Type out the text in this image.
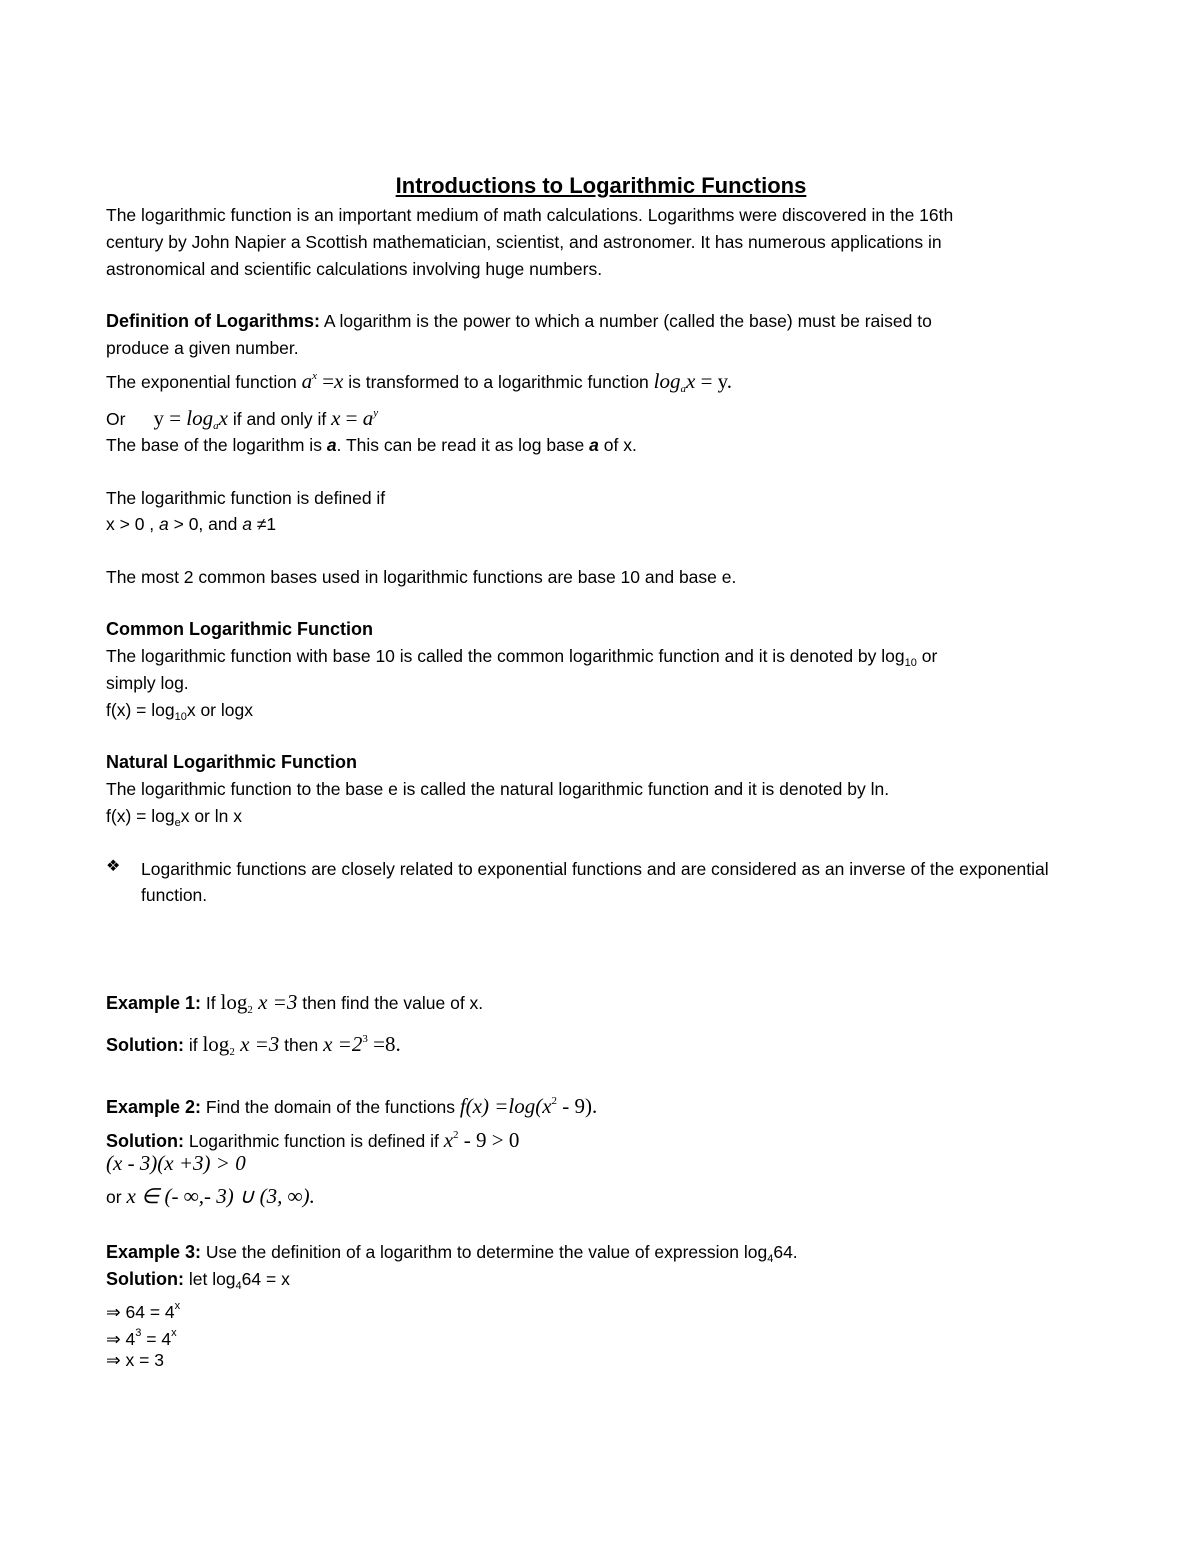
Introductions to Logarithmic Functions
The logarithmic function is an important medium of math calculations. Logarithms were discovered in the 16th
century by John Napier a Scottish mathematician, scientist, and astronomer. It has numerous applications in
astronomical and scientific calculations involving huge numbers.
Definition of Logarithms: A logarithm is the power to which a number (called the base) must be raised to
produce a given number.
The exponential function $a^x =x$ is transformed to a logarithmic function $\log_ax = y$.
Or $y = \log_ax$ if and only if $x = a^y$
The base of the logarithm is a. This can be read it as log base a of x.
The logarithmic function is defined if
x > 0 , a > 0, and a ≠1
The most 2 common bases used in logarithmic functions are base 10 and base e.
Common Logarithmic Function
The logarithmic function with base 10 is called the common logarithmic function and it is denoted by $\log_{10}$ or
simply log.
$f(x) = \log_{10}x$ or logx
Natural Logarithmic Function
The logarithmic function to the base e is called the natural logarithmic function and it is denoted by ln.
$f(x) = \log_ex$ or ln x
❖ Logarithmic functions are closely related to exponential functions and are considered as an inverse of the exponential function.
Example 1: If $\log_2 x =3$ then find the value of x.
Solution: if $\log_2 x =3$ then $x =2^3 =8$.
Example 2: Find the domain of the functions $f(x) =\log(x^2 - 9)$.
Solution: Logarithmic function is defined if $x^2 - 9 > 0$
(x - 3)(x +3) > 0
or x ∈ (- ∞,- 3) ∪ (3, ∞).
Example 3: Use the definition of a logarithm to determine the value of expression $\log_464$.
Solution: let $\log_464 = x$
⇒ $64 = 4^x$
⇒ $4^3 = 4^x$
⇒ x = 3
